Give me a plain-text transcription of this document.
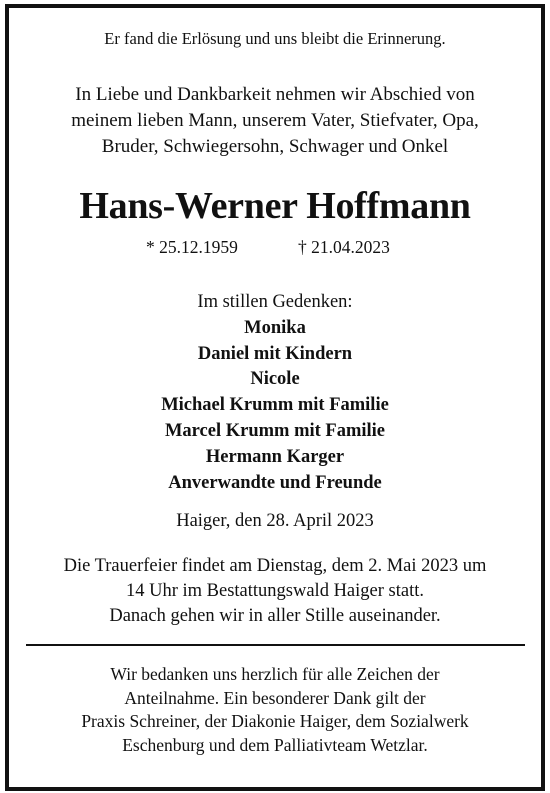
Er fand die Erlösung und uns bleibt die Erinnerung.
In Liebe und Dankbarkeit nehmen wir Abschied von
meinem lieben Mann, unserem Vater, Stiefvater, Opa,
Bruder, Schwiegersohn, Schwager und Onkel
Hans-Werner Hoffmann
* 25.12.1959	† 21.04.2023
Im stillen Gedenken:
Monika
Daniel mit Kindern
Nicole
Michael Krumm mit Familie
Marcel Krumm mit Familie
Hermann Karger
Anverwandte und Freunde
Haiger, den 28. April 2023
Die Trauerfeier findet am Dienstag, dem 2. Mai 2023 um
14 Uhr im Bestattungswald Haiger statt.
Danach gehen wir in aller Stille auseinander.
Wir bedanken uns herzlich für alle Zeichen der
Anteilnahme. Ein besonderer Dank gilt der
Praxis Schreiner, der Diakonie Haiger, dem Sozialwerk
Eschenburg und dem Palliativteam Wetzlar.
